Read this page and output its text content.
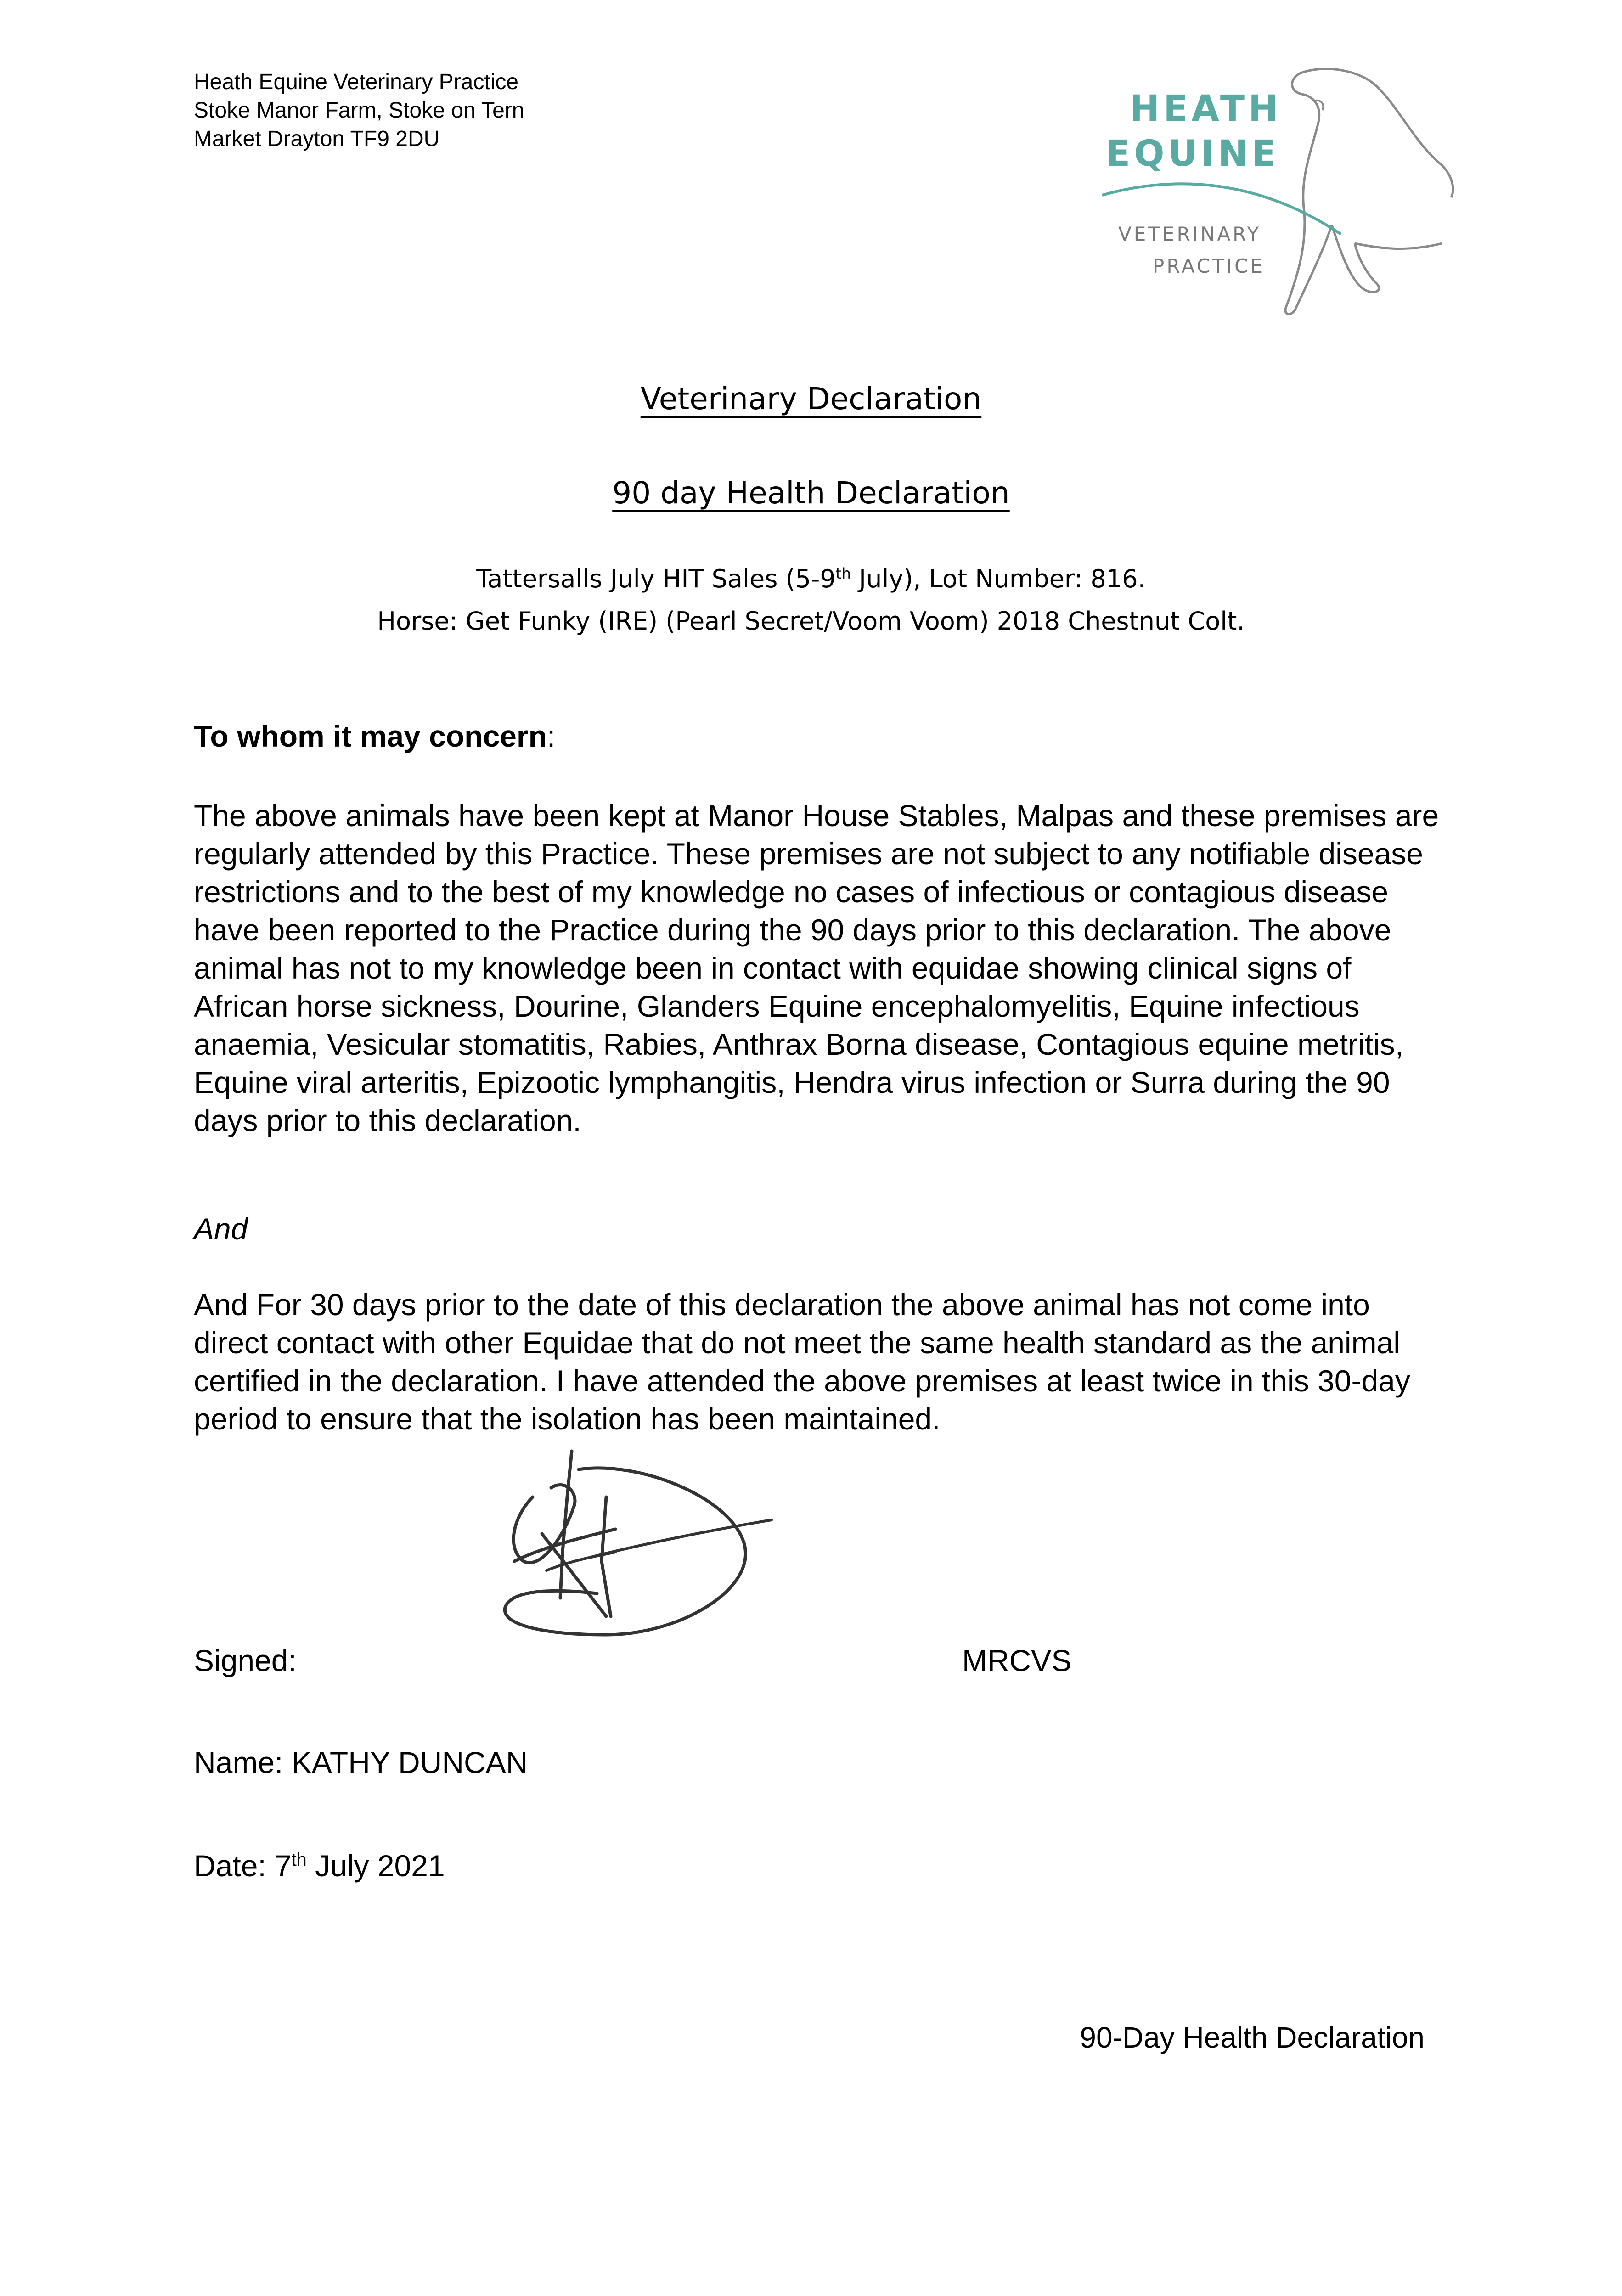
Heath Equine Veterinary Practice
Stoke Manor Farm, Stoke on Tern
Market Drayton TF9 2DU
HEATH
EQUINE
VETERINARY
PRACTICE
Veterinary Declaration
90 day Health Declaration
Tattersalls July HIT Sales (5-9th July), Lot Number: 816.
Horse: Get Funky (IRE) (Pearl Secret/Voom Voom) 2018 Chestnut Colt.
To whom it may concern:
The above animals have been kept at Manor House Stables, Malpas and these premises are regularly attended by this Practice. These premises are not subject to any notifiable disease restrictions and to the best of my knowledge no cases of infectious or contagious disease have been reported to the Practice during the 90 days prior to this declaration. The above animal has not to my knowledge been in contact with equidae showing clinical signs of African horse sickness, Dourine, Glanders Equine encephalomyelitis, Equine infectious anaemia, Vesicular stomatitis, Rabies, Anthrax Borna disease, Contagious equine metritis, Equine viral arteritis, Epizootic lymphangitis, Hendra virus infection or Surra during the 90 days prior to this declaration.
And
And For 30 days prior to the date of this declaration the above animal has not come into direct contact with other Equidae that do not meet the same health standard as the animal certified in the declaration. I have attended the above premises at least twice in this 30-day period to ensure that the isolation has been maintained.
Signed:	MRCVS
Name: KATHY DUNCAN
Date: 7th July 2021
90-Day Health Declaration
